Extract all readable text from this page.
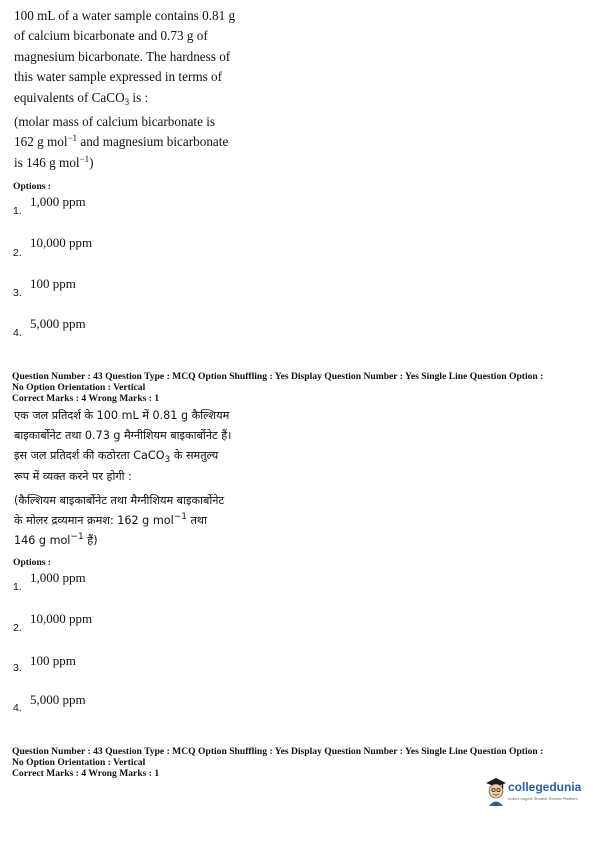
100 mL of a water sample contains 0.81 g

of calcium bicarbonate and 0.73 g of

magnesium bicarbonate. The hardness of

this water sample expressed in terms of

equivalents of CaCO$_3$ is :

(molar mass of calcium bicarbonate is

162 g mol$^{-1}$ and magnesium bicarbonate

is 146 g mol$^{-1}$)

Options :
1.
1,000 ppm
2.
10,000 ppm
3.
100 ppm
4.
5,000 ppm
Question Number : 43 Question Type : MCQ Option Shuffling : Yes Display Question Number : Yes Single Line Question Option :
No Option Orientation : Vertical
Correct Marks : 4 Wrong Marks : 1
एक जल प्रतिदर्श के 100 mL में 0.81 g कैल्शियम
बाइकार्बोनेट तथा 0.73 g मैग्नीशियम बाइकार्बोनेट हैं।
इस जल प्रतिदर्श की कठोरता CaCO$_3$ के समतुल्य
रूप में व्यक्त करने पर होगी :
(कैल्शियम बाइकार्बोनेट तथा मैग्नीशियम बाइकार्बोनेट
के मोलर द्रव्यमान क्रमश: 162 g mol$^{-1}$ तथा
146 g mol$^{-1}$ हैं)
Options :
1.
1,000 ppm
2.
10,000 ppm
3. 100 ppm
4.
5,000 ppm
Question Number : 43 Question Type : MCQ Option Shuffling : Yes Display Question Number : Yes Single Line Question Option :
No Option Orientation : Vertical
Correct Marks : 4 Wrong Marks : 1
collegedunia
India's largest Student Review Platform
